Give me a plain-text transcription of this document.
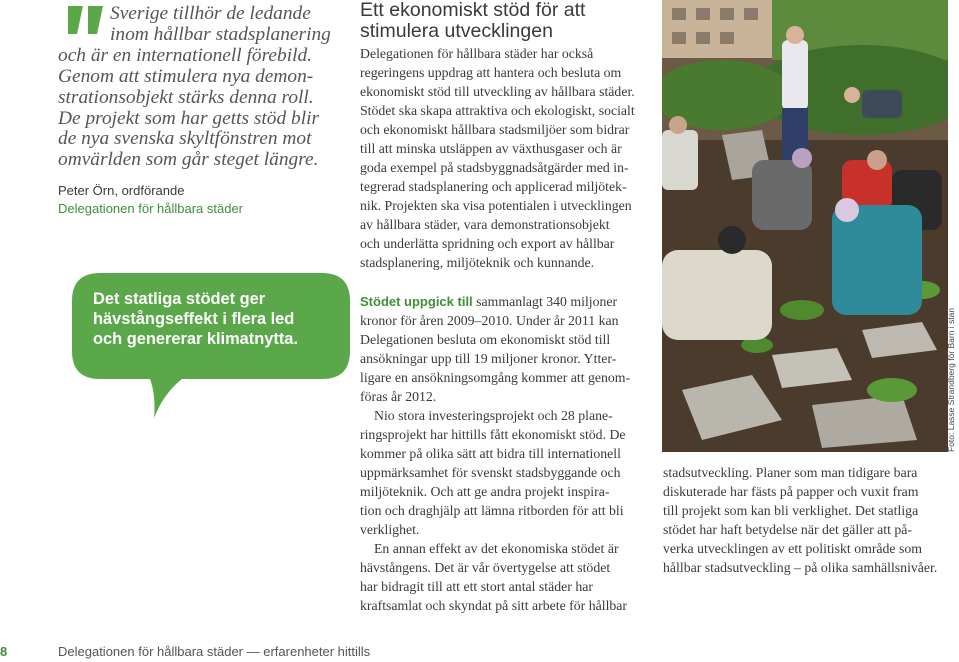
Sverige tillhör de ledande
inom hållbar stadsplanering
och är en internationell förebild.
Genom att stimulera nya demon-
strationsobjekt stärks denna roll.
De projekt som har getts stöd blir
de nya svenska skyltfönstren mot
omvärlden som går steget längre.
Peter Örn, ordförande
Delegationen för hållbara städer
Det statliga stödet ger
hävstångseffekt i flera led
och genererar klimatnytta.
Ett ekonomiskt stöd för att
stimulera utvecklingen
Delegationen för hållbara städer har också
regeringens uppdrag att hantera och besluta om
ekonomiskt stöd till utveckling av hållbara städer.
Stödet ska skapa attraktiva och ekologiskt, socialt
och ekonomiskt hållbara stadsmiljöer som bidrar
till att minska utsläppen av växthusgaser och är
goda exempel på stadsbyggnadsåtgärder med in-
tegrerad stadsplanering och applicerad miljötek-
nik. Projekten ska visa potentialen i utvecklingen
av hållbara städer, vara demonstrationsobjekt
och underlätta spridning och export av hållbar
stadsplanering, miljöteknik och kunnande.
Stödet uppgick till sammanlagt 340 miljoner
kronor för åren 2009–2010. Under år 2011 kan
Delegationen besluta om ekonomiskt stöd till
ansökningar upp till 19 miljoner kronor. Ytter-
ligare en ansökningsomgång kommer att genom-
föras år 2012.
Nio stora investeringsprojekt och 28 plane-
ringsprojekt har hittills fått ekonomiskt stöd. De
kommer på olika sätt att bidra till internationell
uppmärksamhet för svenskt stadsbyggande och
miljöteknik. Och att ge andra projekt inspira-
tion och draghjälp att lämna ritborden för att bli
verklighet.
En annan effekt av det ekonomiska stödet är
hävstångens. Det är vår övertygelse att stödet
har bidragit till att ett stort antal städer har
kraftsamlat och skyndat på sitt arbete för hållbar
Foto: Lasse Strandberg för Barn i stan
stadsutveckling. Planer som man tidigare bara
diskuterade har fästs på papper och vuxit fram
till projekt som kan bli verklighet. Det statliga
stödet har haft betydelse när det gäller att på-
verka utvecklingen av ett politiskt område som
hållbar stadsutveckling – på olika samhällsnivåer.
8	Delegationen för hållbara städer — erfarenheter hittills
